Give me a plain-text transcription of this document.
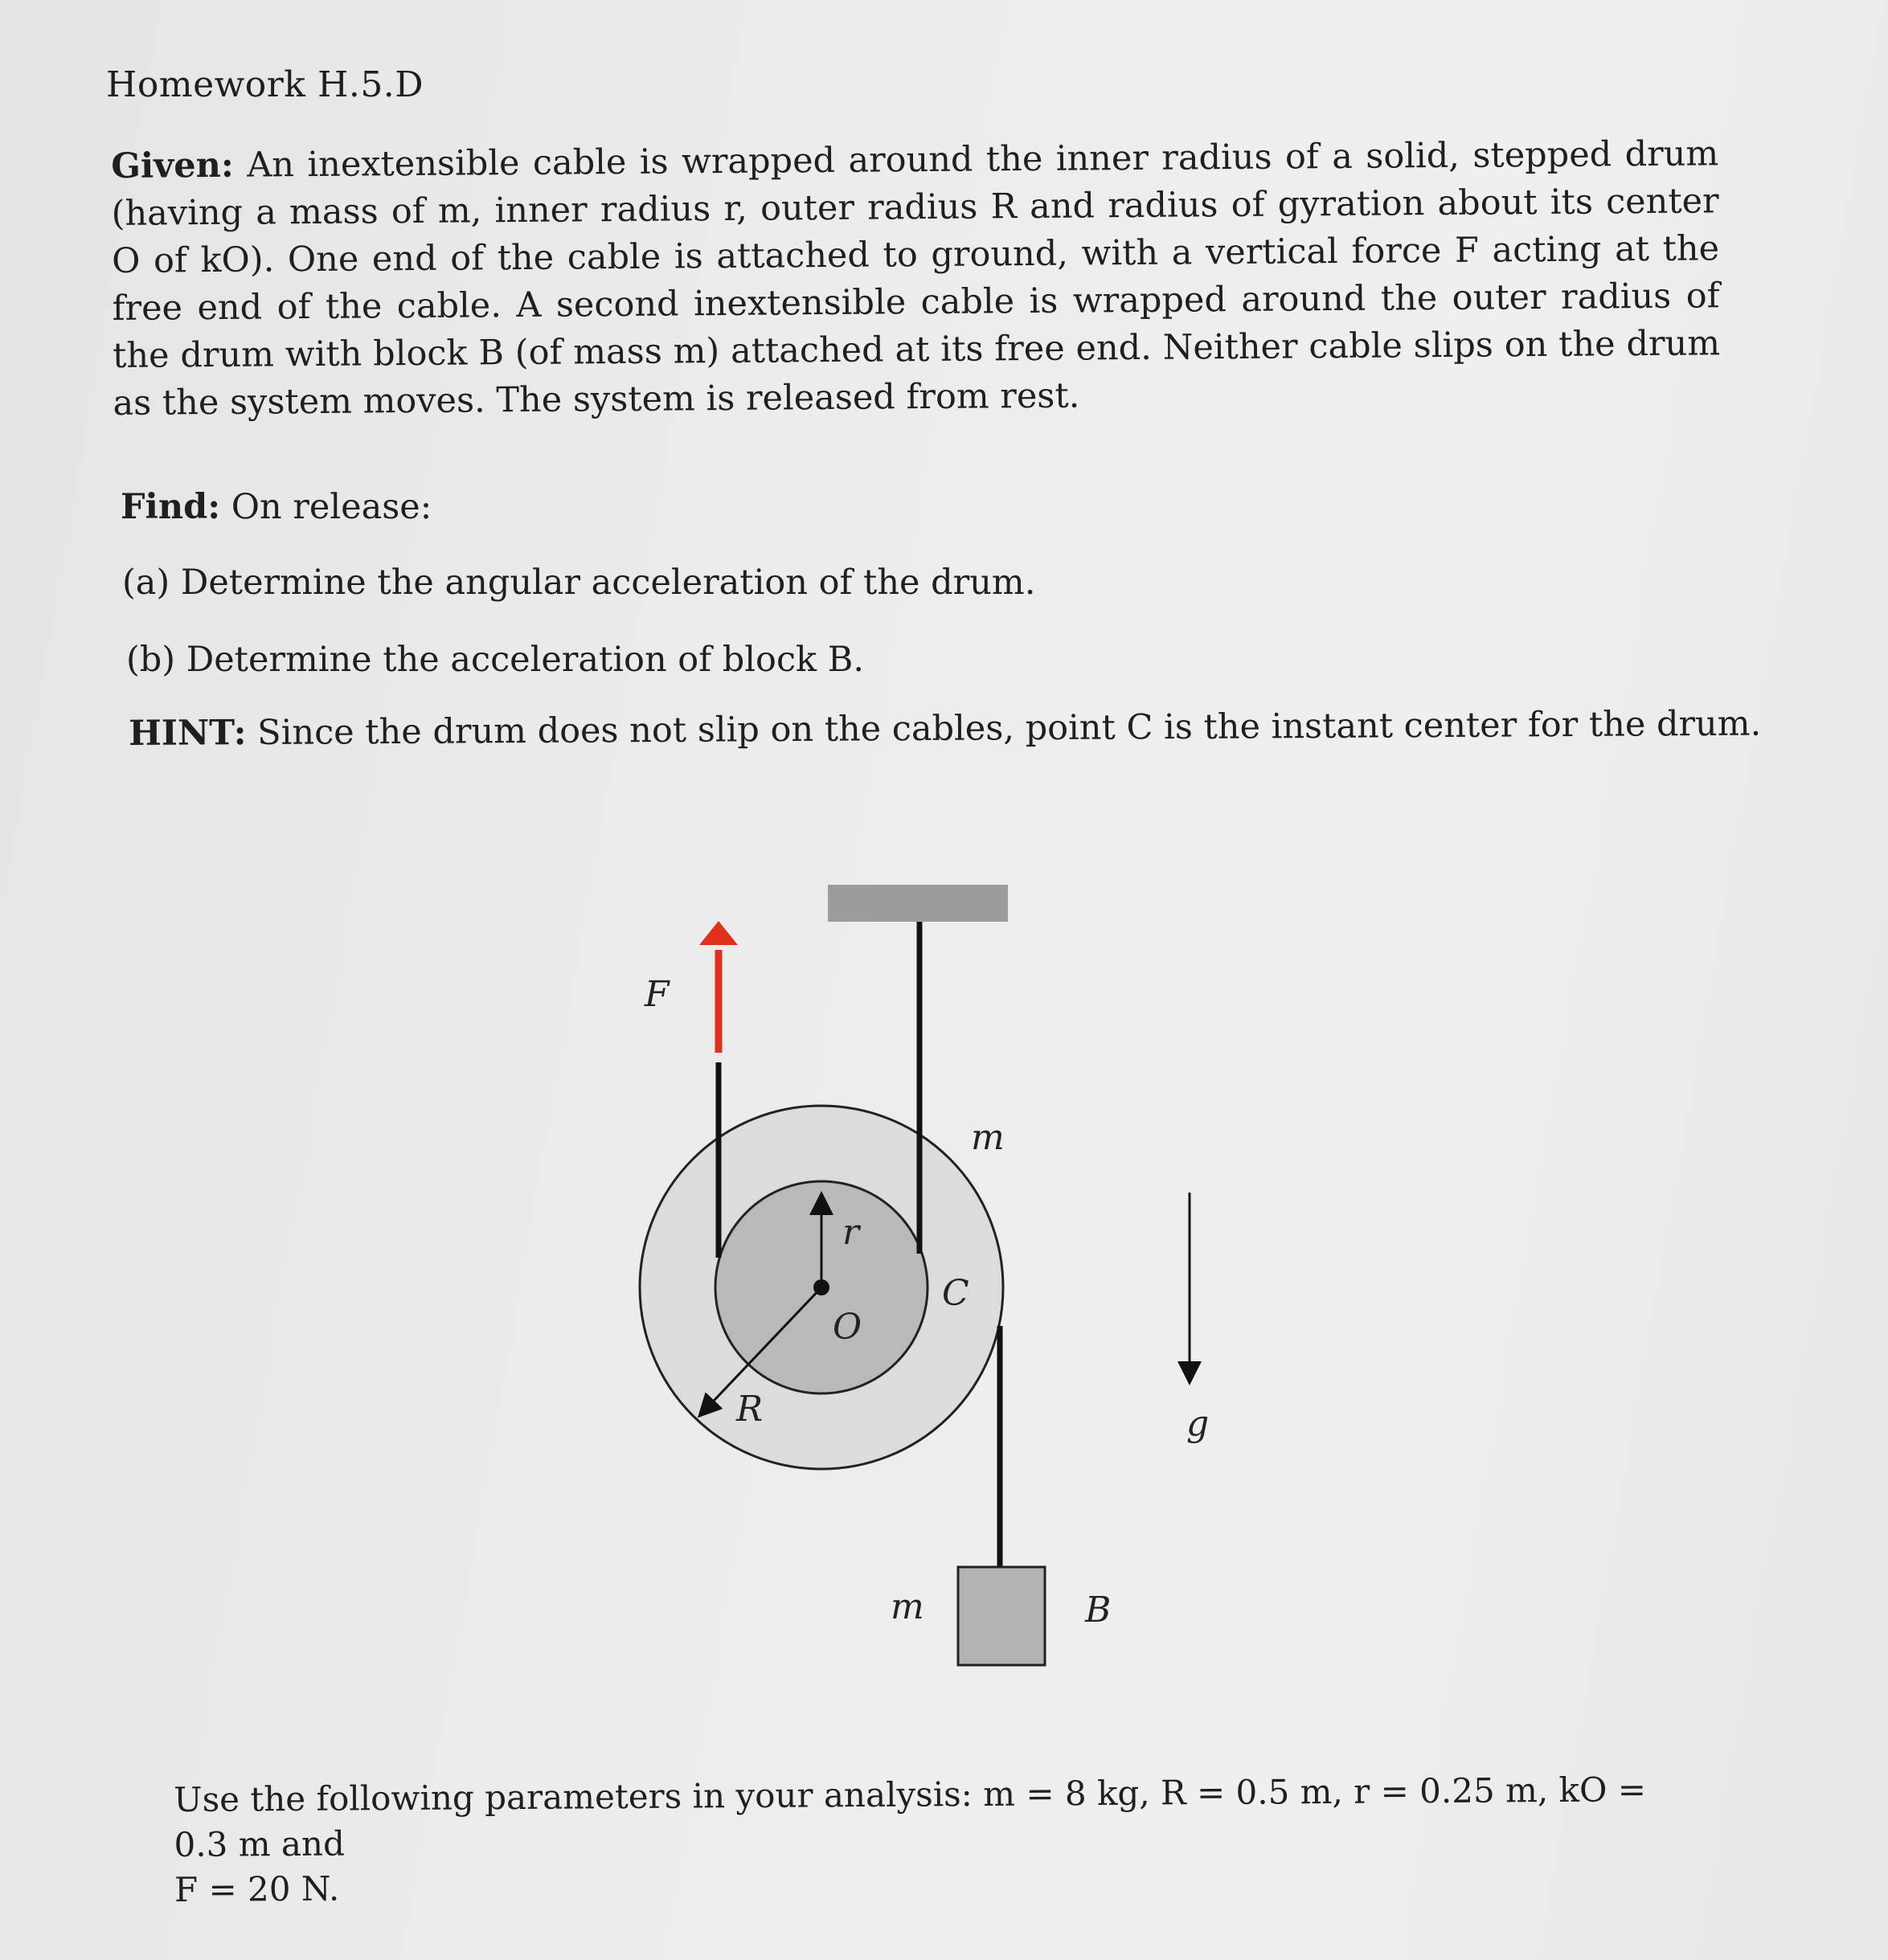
Homework H.5.D
Given: An inextensible cable is wrapped around the inner radius of a solid, stepped drum (having a mass of m, inner radius r, outer radius R and radius of gyration about its center O of kO). One end of the cable is attached to ground, with a vertical force F acting at the free end of the cable. A second inextensible cable is wrapped around the outer radius of the drum with block B (of mass m) attached at its free end. Neither cable slips on the drum as the system moves. The system is released from rest.
Find: On release:
(a) Determine the angular acceleration of the drum.
(b) Determine the acceleration of block B.
HINT: Since the drum does not slip on the cables, point C is the instant center for the drum.
F
m
r
C
O
R	g
m	B
Use the following parameters in your analysis: m = 8 kg, R = 0.5 m, r = 0.25 m, kO = 0.3 m and
F = 20 N.
